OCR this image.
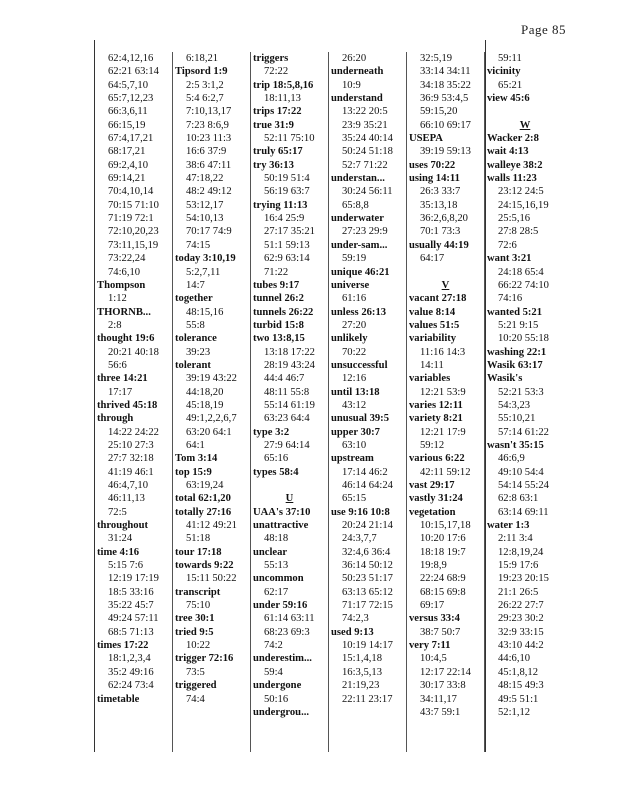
Page 85
62:4,12,16
62:21 63:14
64:5,7,10
65:7,12,23
66:3,6,11
66:15,19
67:4,17,21
68:17,21
69:2,4,10
69:14,21
70:4,10,14
70:15 71:10
71:19 72:1
72:10,20,23
73:11,15,19
73:22,24
74:6,10
Thompson
1:12
THORNB...
2:8
thought 19:6
20:21 40:18
56:6
three 14:21
17:17
thrived 45:18
through
14:22 24:22
25:10 27:3
27:7 32:18
41:19 46:1
46:4,7,10
46:11,13
72:5
throughout
31:24
time 4:16
5:15 7:6
12:19 17:19
18:5 33:16
35:22 45:7
49:24 57:11
68:5 71:13
times 17:22
18:1,2,3,4
35:2 49:16
62:24 73:4
timetable
6:18,21
Tipsord 1:9
2:5 3:1,2
5:4 6:2,7
7:10,13,17
7:23 8:6,9
10:23 11:3
16:6 37:9
38:6 47:11
47:18,22
48:2 49:12
53:12,17
54:10,13
70:17 74:9
74:15
today 3:10,19
5:2,7,11
14:7
together
48:15,16
55:8
tolerance
39:23
tolerant
39:19 43:22
44:18,20
45:18,19
49:1,2,2,6,7
63:20 64:1
64:1
Tom 3:14
top 15:9
63:19,24
total 62:1,20
totally 27:16
41:12 49:21
51:18
tour 17:18
towards 9:22
15:11 50:22
transcript
75:10
tree 30:1
tried 9:5
10:22
trigger 72:16
73:5
triggered
74:4
triggers
72:22
trip 18:5,8,16
18:11,13
trips 17:22
true 31:9
52:11 75:10
truly 65:17
try 36:13
50:19 51:4
56:19 63:7
trying 11:13
16:4 25:9
27:17 35:21
51:1 59:13
62:9 63:14
71:22
tubes 9:17
tunnel 26:2
tunnels 26:22
turbid 15:8
two 13:8,15
13:18 17:22
28:19 43:24
44:4 46:7
48:11 55:8
55:14 61:19
63:23 64:4
type 3:2
27:9 64:14
65:16
types 58:4
U
UAA's 37:10
unattractive
48:18
unclear
55:13
uncommon
62:17
under 59:16
61:14 63:11
68:23 69:3
74:2
underestim...
59:4
undergone
50:16
undergrou...
26:20
underneath
10:9
understand
13:22 20:5
23:9 35:21
35:24 40:14
50:24 51:18
52:7 71:22
understan...
30:24 56:11
65:8,8
underwater
27:23 29:9
under-sam...
59:19
unique 46:21
universe
61:16
unless 26:13
27:20
unlikely
70:22
unsuccessful
12:16
until 13:18
43:12
unusual 39:5
upper 30:7
63:10
upstream
17:14 46:2
46:14 64:24
65:15
use 9:16 10:8
20:24 21:14
24:3,7,7
32:4,6 36:4
36:14 50:12
50:23 51:17
63:13 65:12
71:17 72:15
74:2,3
used 9:13
10:19 14:17
15:1,4,18
16:3,5,13
21:19,23
22:11 23:17
32:5,19
33:14 34:11
34:18 35:22
36:9 53:4,5
59:15,20
66:10 69:17
USEPA
39:19 59:13
uses 70:22
using 14:11
26:3 33:7
35:13,18
36:2,6,8,20
70:1 73:3
usually 44:19
64:17
V
vacant 27:18
value 8:14
values 51:5
variability
11:16 14:3
14:11
variables
12:21 53:9
varies 12:11
variety 8:21
12:21 17:9
59:12
various 6:22
42:11 59:12
vast 29:17
vastly 31:24
vegetation
10:15,17,18
10:20 17:6
18:18 19:7
19:8,9
22:24 68:9
68:15 69:8
69:17
versus 33:4
38:7 50:7
very 7:11
10:4,5
12:17 22:14
30:17 33:8
34:11,17
43:7 59:1
59:11
vicinity
65:21
view 45:6
W
Wacker 2:8
wait 4:13
walleye 38:2
walls 11:23
23:12 24:5
24:15,16,19
25:5,16
27:8 28:5
72:6
want 3:21
24:18 65:4
66:22 74:10
74:16
wanted 5:21
5:21 9:15
10:20 55:18
washing 22:1
Wasik 63:17
Wasik's
52:21 53:3
54:3,23
55:10,21
57:14 61:22
wasn't 35:15
46:6,9
49:10 54:4
54:14 55:24
62:8 63:1
63:14 69:11
water 1:3
2:11 3:4
12:8,19,24
15:9 17:6
19:23 20:15
21:1 26:5
26:22 27:7
29:23 30:2
32:9 33:15
43:10 44:2
44:6,10
45:1,8,12
48:15 49:3
49:5 51:1
52:1,12
